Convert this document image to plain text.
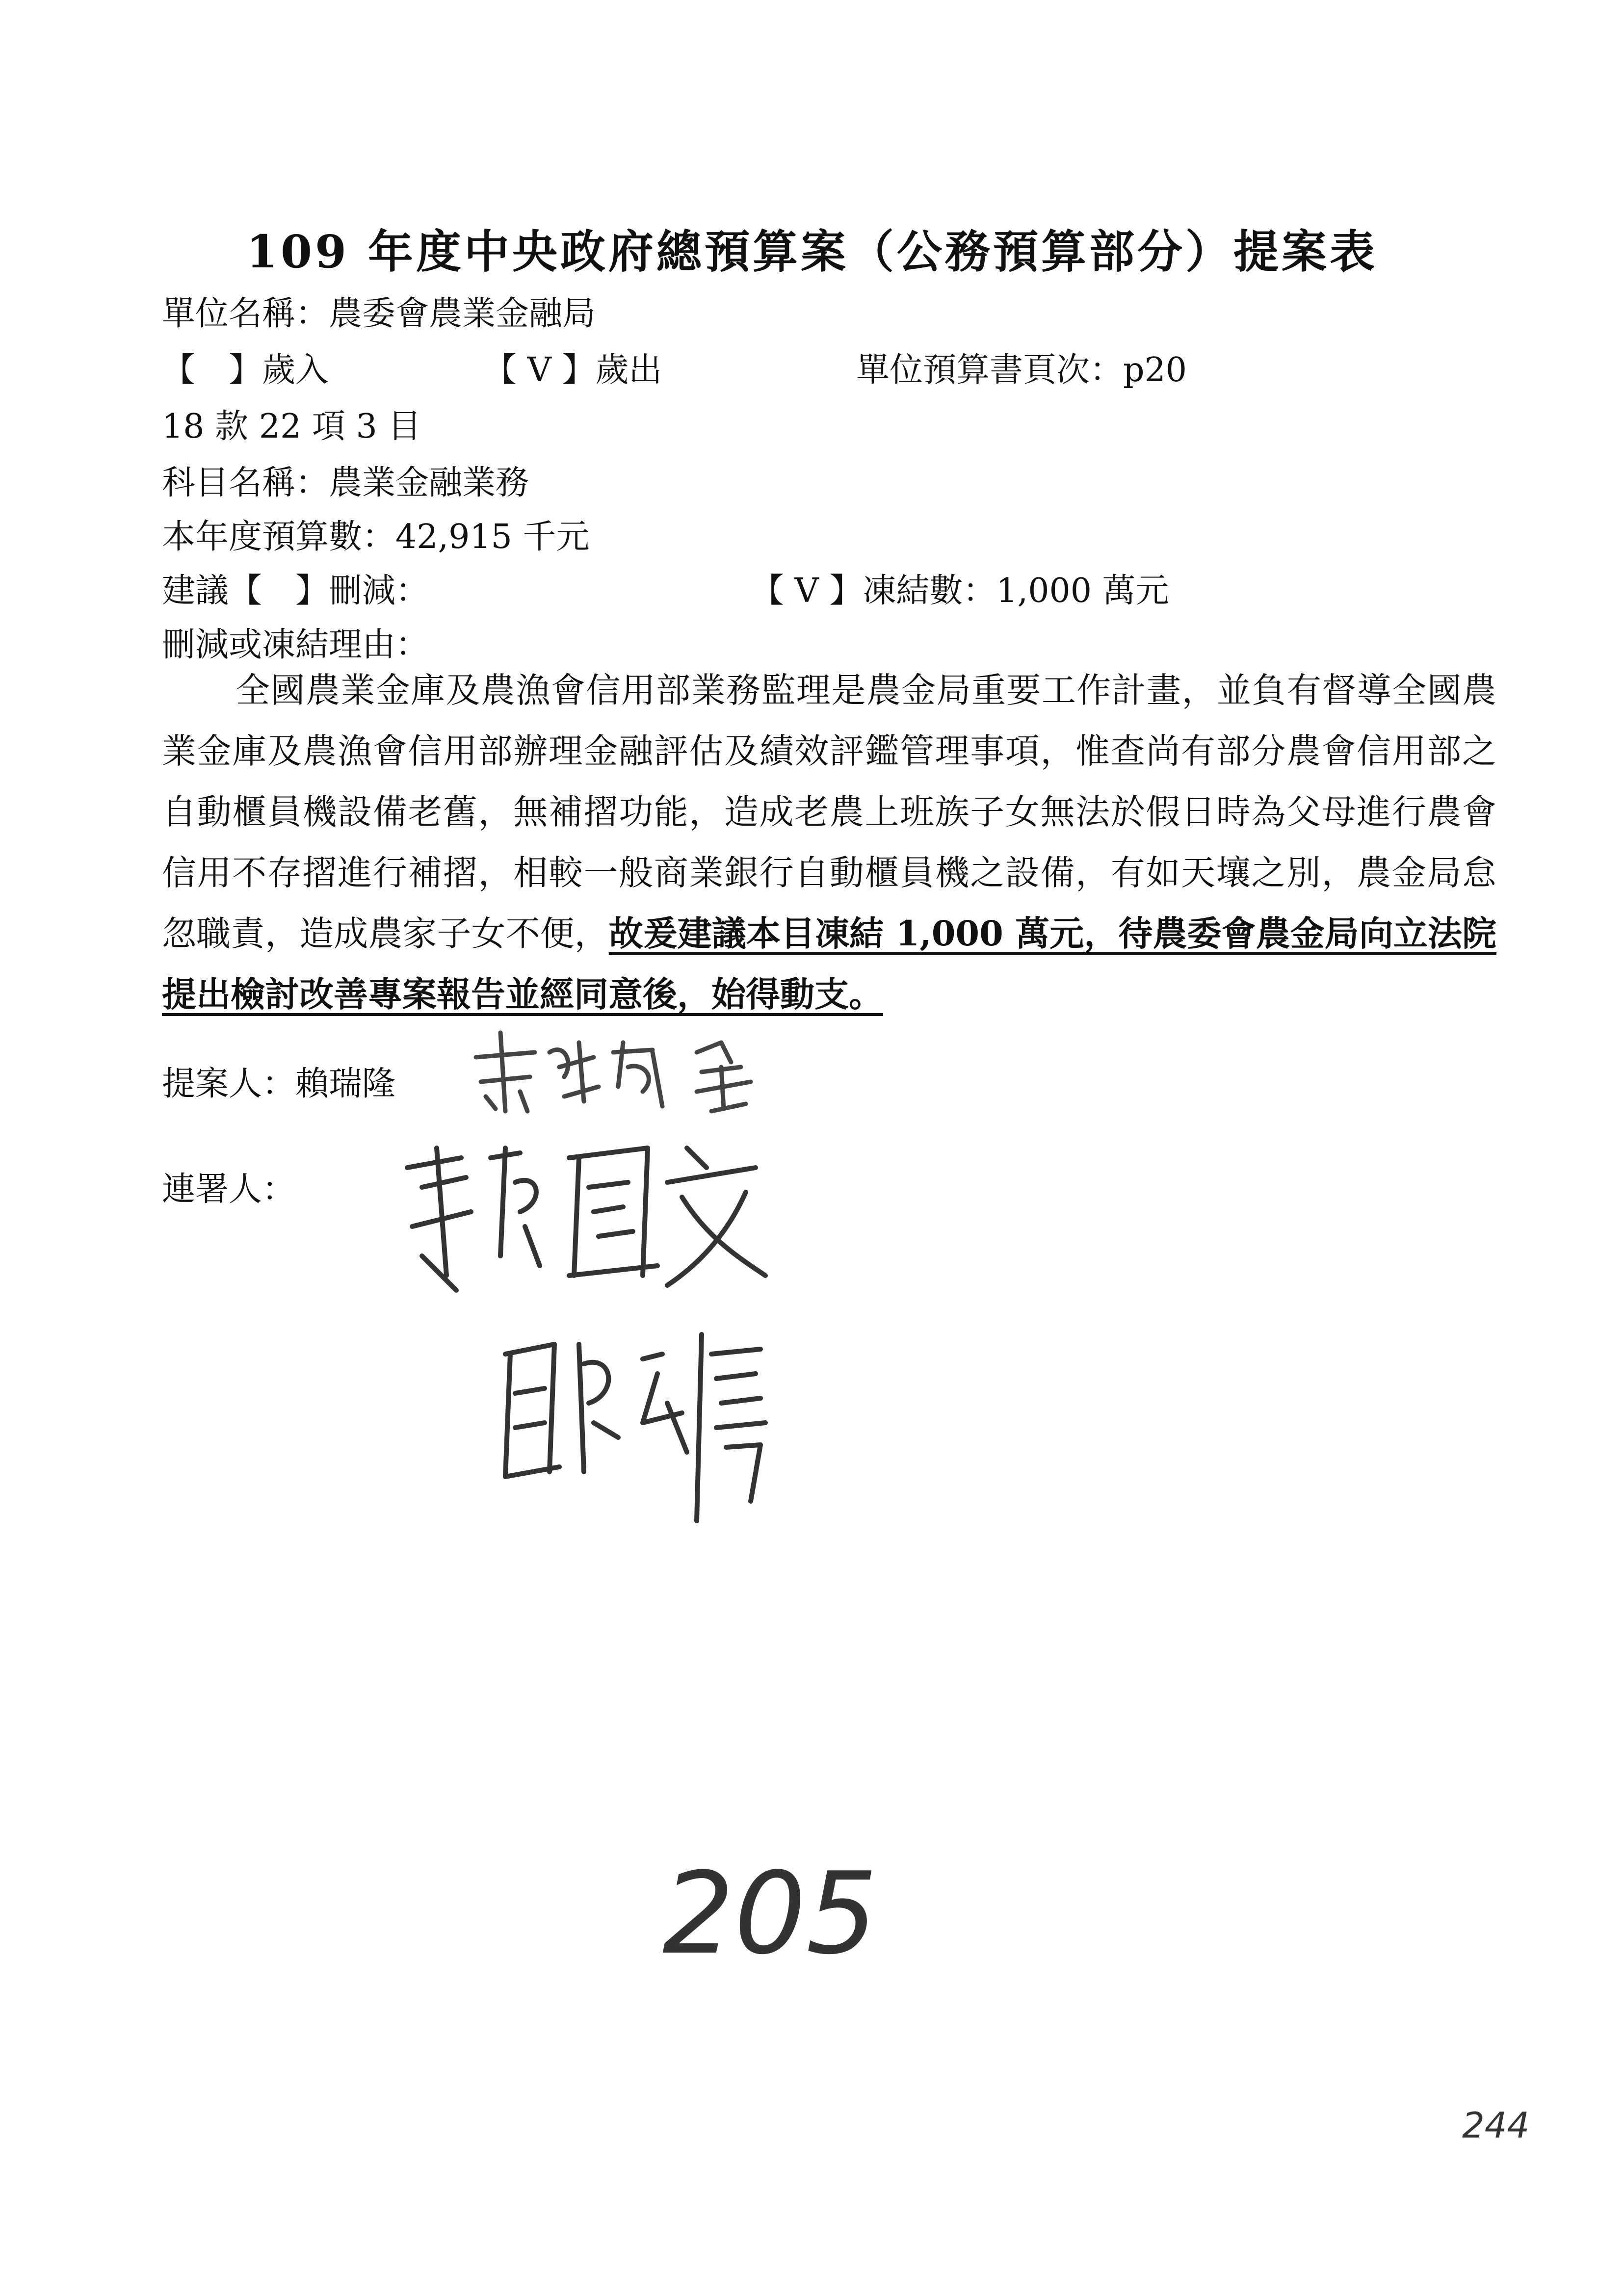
109 年度中央政府總預算案（公務預算部分）提案表
單位名稱：農委會農業金融局
【　】歲入	【 V 】歲出	單位預算書頁次：p20
18 款 22 項 3 目
科目名稱：農業金融業務
本年度預算數：42,915 千元
建議【　】刪減：	【 V 】凍結數：1,000 萬元
刪減或凍結理由：
全國農業金庫及農漁會信用部業務監理是農金局重要工作計畫，並負有督導全國農業金庫及農漁會信用部辦理金融評估及績效評鑑管理事項，惟查尚有部分農會信用部之自動櫃員機設備老舊，無補摺功能，造成老農上班族子女無法於假日時為父母進行農會信用不存摺進行補摺，相較一般商業銀行自動櫃員機之設備，有如天壤之別，農金局怠忽職責，造成農家子女不便，故爰建議本目凍結 1,000 萬元，待農委會農金局向立法院提出檢討改善專案報告並經同意後，始得動支。
提案人：賴瑞隆
連署人：
205
244
